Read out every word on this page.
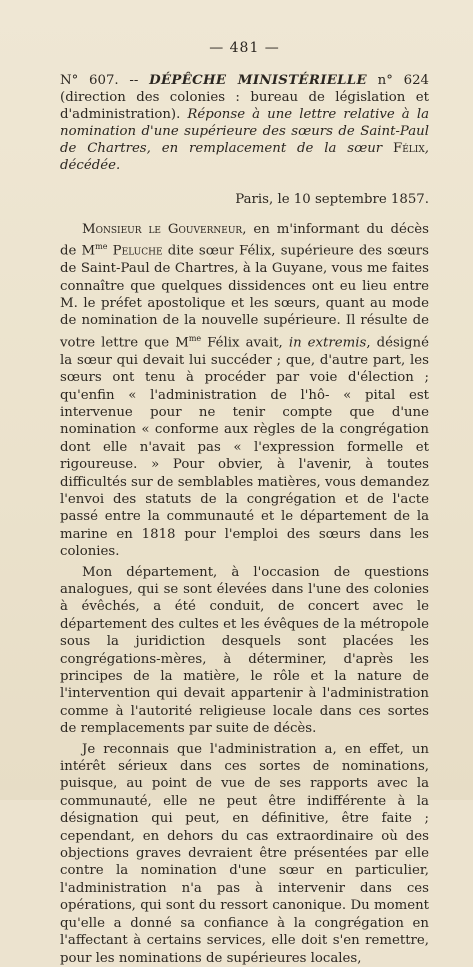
— 481 —
N° 607. -- DÉPÊCHE MINISTÉRIELLE n° 624 (direction des colonies : bureau de législation et d'administration). Réponse à une lettre relative à la nomination d'une supérieure des sœurs de Saint-Paul de Chartres, en remplacement de la sœur Félix, décédée.
Paris, le 10 septembre 1857.

Monsieur le Gouverneur, en m'informant du décès de $M^{me}$ Peluche dite sœur Félix, supérieure des sœurs de Saint-Paul de Chartres, à la Guyane, vous me faites connaître que quelques dissidences ont eu lieu entre M. le préfet apostolique et les sœurs, quant au mode de nomination de la nouvelle supérieure. Il résulte de votre lettre que $M^{me}$ Félix avait, in extremis, désigné la sœur qui devait lui succéder ; que, d'autre part, les sœurs ont tenu à procéder par voie d'élection ; qu'enfin « l'administration de l'hô- « pital est intervenue pour ne tenir compte que d'une nomination « conforme aux règles de la congrégation dont elle n'avait pas « l'expression formelle et rigoureuse. » Pour obvier, à l'avenir, à toutes difficultés sur de semblables matières, vous demandez l'envoi des statuts de la congrégation et de l'acte passé entre la communauté et le département de la marine en 1818 pour l'emploi des sœurs dans les colonies.

Mon département, à l'occasion de questions analogues, qui se sont élevées dans l'une des colonies à évêchés, a été conduit, de concert avec le département des cultes et les évêques de la métropole sous la juridiction desquels sont placées les congrégations-mères, à déterminer, d'après les principes de la matière, le rôle et la nature de l'intervention qui devait appartenir à l'administration comme à l'autorité religieuse locale dans ces sortes de remplacements par suite de décès.

Je reconnais que l'administration a, en effet, un intérêt sérieux dans ces sortes de nominations, puisque, au point de vue de ses rapports avec la communauté, elle ne peut être indifférente à la désignation qui peut, en définitive, être faite ; cependant, en dehors du cas extraordinaire où des objections graves devraient être présentées par elle contre la nomination d'une sœur en particulier, l'administration n'a pas à intervenir dans ces opérations, qui sont du ressort canonique. Du moment qu'elle a donné sa confiance à la congrégation en l'affectant à certains services, elle doit s'en remettre, pour les nominations de supérieures locales,
